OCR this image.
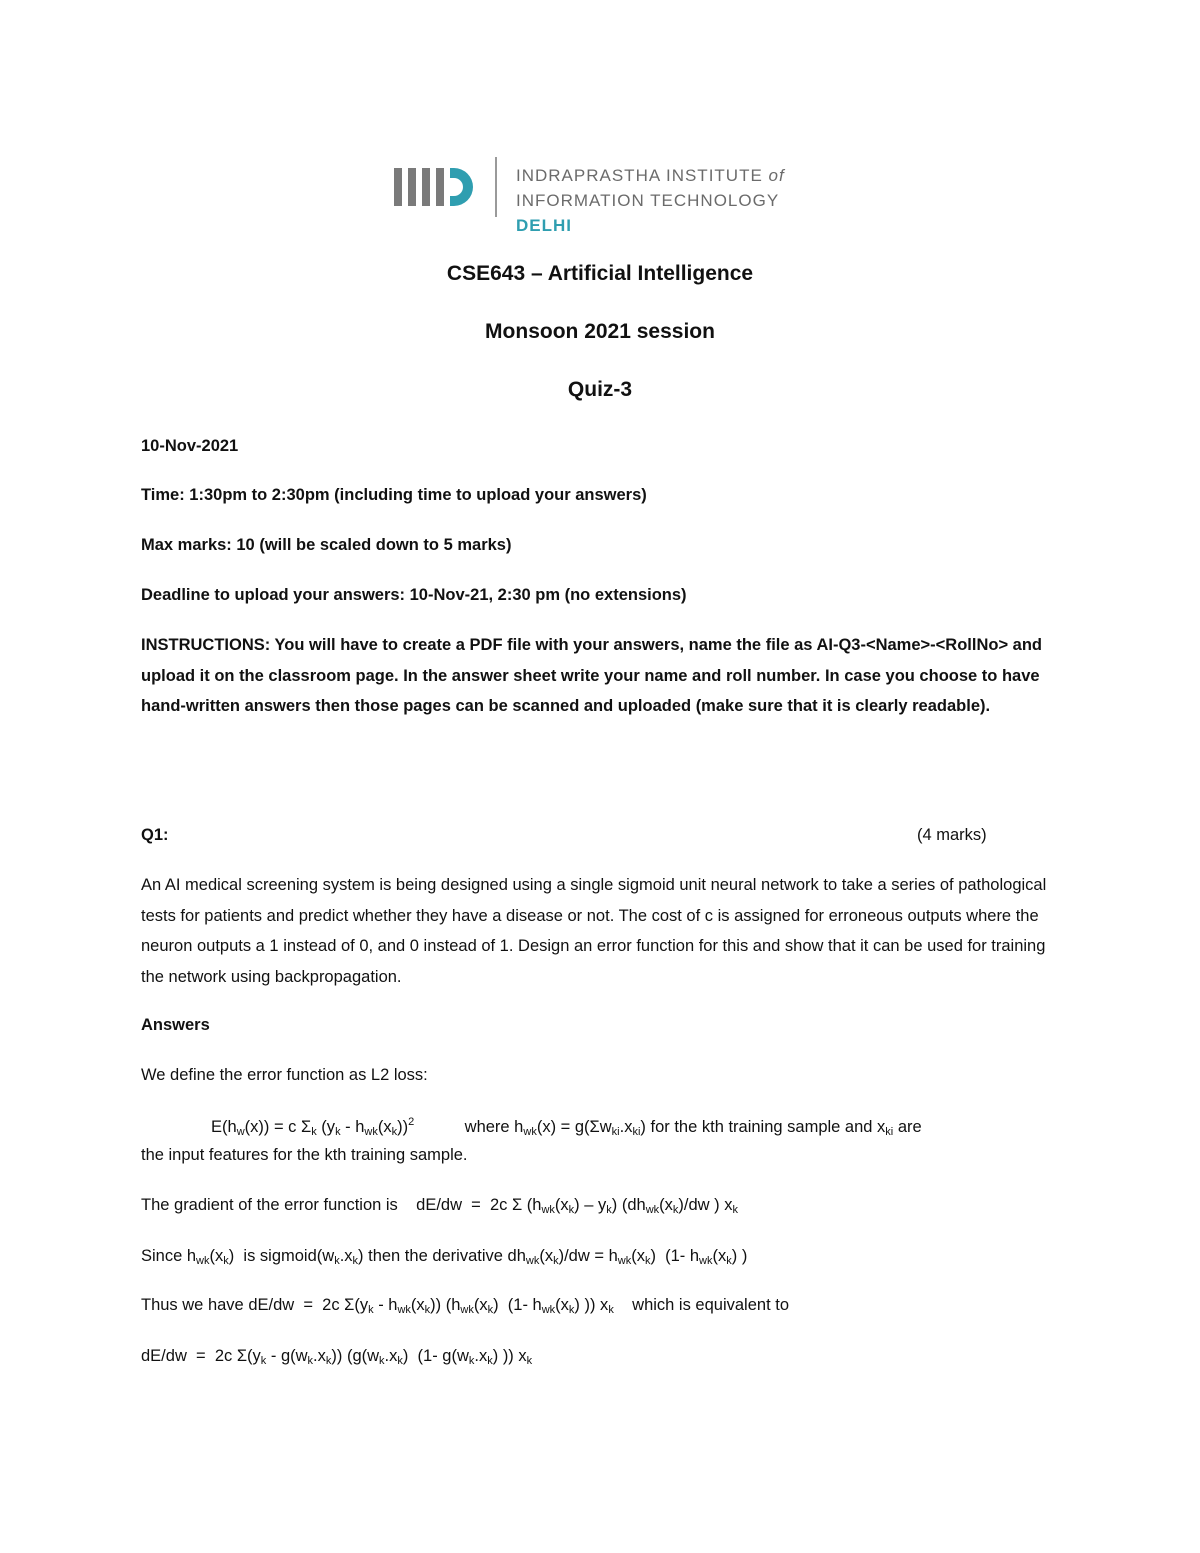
INDRAPRASTHA INSTITUTE of
INFORMATION TECHNOLOGY DELHI
CSE643 – Artificial Intelligence
Monsoon 2021 session
Quiz-3
10-Nov-2021
Time: 1:30pm to 2:30pm (including time to upload your answers)
Max marks: 10 (will be scaled down to 5 marks)
Deadline to upload your answers: 10-Nov-21, 2:30 pm (no extensions)
INSTRUCTIONS: You will have to create a PDF file with your answers, name the file as AI-Q3-<Name>-<RollNo> and upload it on the classroom page. In the answer sheet write your name and roll number. In case you choose to have hand-written answers then those pages can be scanned and uploaded (make sure that it is clearly readable).
Q1:	(4 marks)
An AI medical screening system is being designed using a single sigmoid unit neural network to take a series of pathological tests for patients and predict whether they have a disease or not. The cost of c is assigned for erroneous outputs where the neuron outputs a 1 instead of 0, and 0 instead of 1. Design an error function for this and show that it can be used for training the network using backpropagation.
Answers
We define the error function as L2 loss:
$E(h_w(x)) = c$ $\Sigma_k$ $(y_k - h_{wk}(x_k))^2$           where $h_{wk}(x) = g(\Sigma w_{ki}.x_{ki})$ for the kth training sample and $x_{ki}$ are
the input features for the kth training sample.
The gradient of the error function is    dE/dw  =  2c Σ $(h_{wk}(x_k) - y_k)$ ($dh_{wk}(x_k)/dw$ ) $x_k$
Since $h_{wk}(x_k)$  is $sigmoid(w_k.x_k)$ then the derivative $dh_{wk}(x_k)/dw = h_{wk}(x_k)$  (1- $h_{wk}(x_k)$ )
Thus we have dE/dw  =  2c $\Sigma(y_k - h_{wk}(x_k))$ ($h_{wk}(x_k)$  (1- $h_{wk}(x_k)$ )) $x_k$ which is equivalent to
dE/dw  =  2c $\Sigma(y_k - g(w_k.x_k))$ ($g(w_k.x_k)$  (1- $g(w_k.x_k)$ )) $x_k$
